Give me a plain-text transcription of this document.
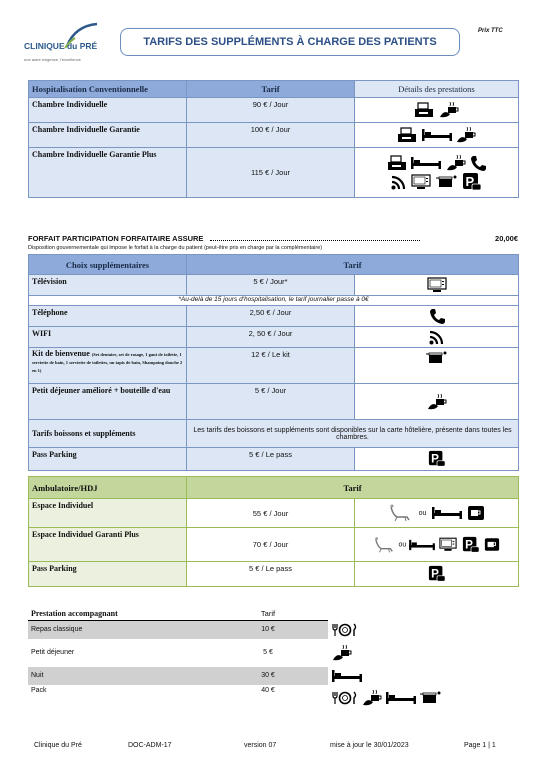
CLINIQUE du PRÉ
une autre exigence, l'excellence
TARIFS DES SUPPLÉMENTS À CHARGE DES PATIENTS
Prix TTC
Hospitalisation Conventionnelle	Tarif	Détails des prestations
Chambre Individuelle	90 € / Jour	
Chambre Individuelle Garantie	100 € / Jour	
Chambre Individuelle Garantie Plus	115 € / Jour	

FORFAIT PARTICIPATION FORFAITAIRE ASSURE	20,00€
Disposition gouvernementale qui impose le forfait à la charge du patient (peut-être pris en charge par la complémentaire)
Choix supplémentaires	Tarif	
Télévision	5 € / Jour*	
*Au-delà de 15 jours d'hospitalisation, le tarif journalier passe à 0€		
Téléphone	2,50 € / Jour	
WIFI	2, 50 € / Jour	
Kit de bienvenue (Set dentaire, set de rasage, 1 gant de toilette, 1 serviette de bain, 1 serviette de toilettes, un tapis de bain, Shampoing douche 2 en 1)	12 € / Le kit	
Petit déjeuner amélioré + bouteille d'eau	5 € / Jour	
Tarifs boissons et suppléments	Les tarifs des boissons et suppléments sont disponibles sur la carte hôtelière, présente dans toutes les chambres.	
Pass Parking	5 € / Le pass	
Ambulatoire/HDJ	Tarif	
Espace Individuel	55 € / Jour	ou
Espace Individuel Garanti Plus	70 € / Jour	ou
Pass Parking	5 € / Le pass	
Prestation accompagnant	Tarif	
Repas classique	10 €	
Petit déjeuner	5 €	
Nuit	30 €	
Pack	40 €	
Clinique du Pré	DOC-ADM-17	version 07	mise à jour le 30/01/2023	Page 1 | 1
